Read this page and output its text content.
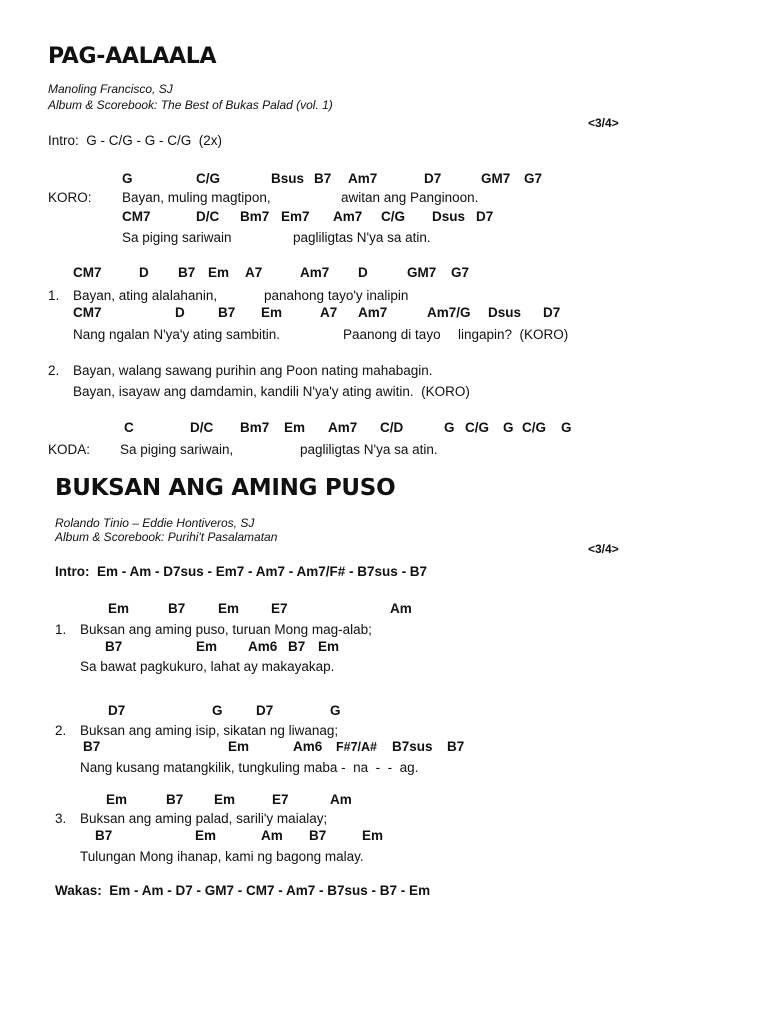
PAG-AALAALA
Manoling Francisco, SJ
Album & Scorebook: The Best of Bukas Palad (vol. 1)
<3/4>
Intro:  G - C/G - G - C/G  (2x)
G	C/G	Bsus B7 Am7	D7	GM7 G7
KORO: Bayan, muling magtipon,	awitan ang Panginoon.
CM7	D/C Bm7 Em7 Am7 C/G Dsus D7
Sa piging sariwain	pagliligtas N'ya sa atin.
CM7	D B7 Em A7	Am7 D	GM7 G7
1. Bayan, ating alalahanin,	panahong tayo'y inalipin
CM7	D B7 Em	A7 Am7	Am7/G Dsus D7
Nang ngalan N'ya'y ating sambitin.	Paanong di tayo lingapin?  (KORO)
2. Bayan, walang sawang purihin ang Poon nating mahabagin.
Bayan, isayaw ang damdamin, kandili N'ya'y ating awitin.  (KORO)
C	D/C Bm7 Em Am7 C/D	G C/G G C/G G
KODA: Sa piging sariwain,	pagliligtas N'ya sa atin.
BUKSAN ANG AMING PUSO
Rolando Tinio – Eddie Hontiveros, SJ
Album & Scorebook: Purihi't Pasalamatan
<3/4>
Intro:  Em - Am - D7sus - Em7 - Am7 - Am7/F# - B7sus - B7
Em	B7 Em E7	Am
1. Buksan ang aming puso, turuan Mong mag-alab;
B7	Em Am6 B7 Em
Sa bawat pagkukuro, lahat ay makayakap.
D7	G D7	G
2. Buksan ang aming isip, sikatan ng liwanag;
B7	Em	Am6 F#7/A# B7sus B7
Nang kusang matangkilik, tungkuling maba -  na  -  -  ag.
Em	B7 Em	E7	Am
3. Buksan ang aming palad, sarili'y maialay;
B7	Em	Am B7	Em
Tulungan Mong ihanap, kami ng bagong malay.
Wakas:  Em - Am - D7 - GM7 - CM7 - Am7 - B7sus - B7 - Em
